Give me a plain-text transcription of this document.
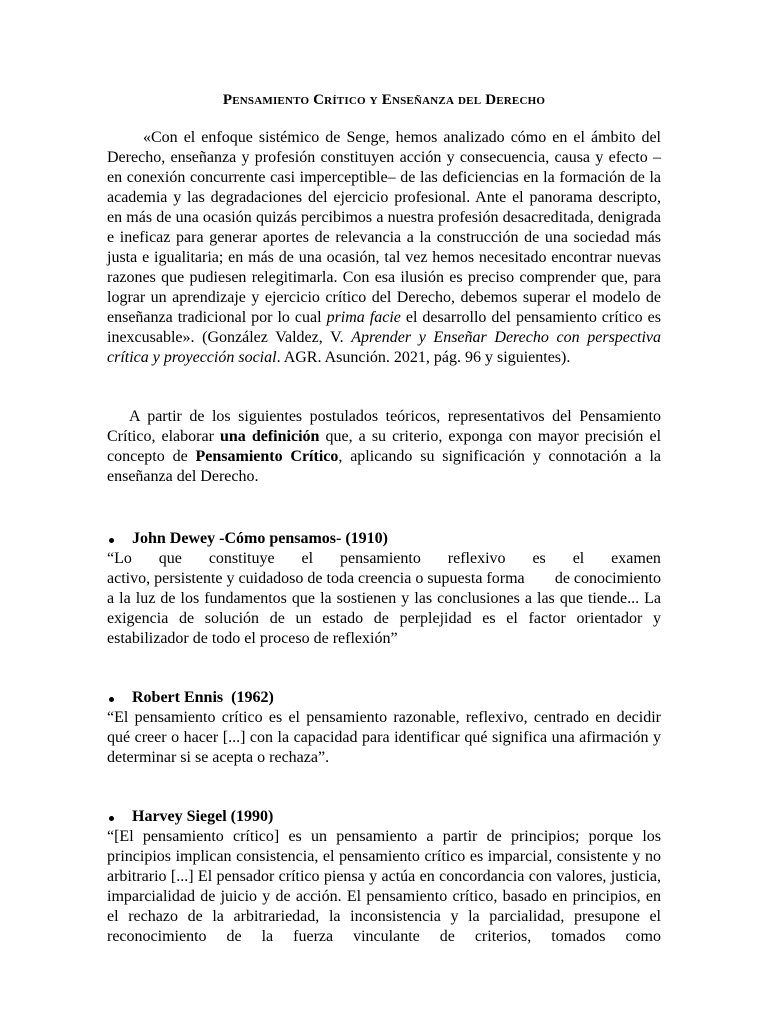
Pensamiento Crítico y Enseñanza del Derecho

«Con el enfoque sistémico de Senge, hemos analizado cómo en el ámbito del Derecho, enseñanza y profesión constituyen acción y consecuencia, causa y efecto – en conexión concurrente casi imperceptible– de las deficiencias en la formación de la academia y las degradaciones del ejercicio profesional. Ante el panorama descripto, en más de una ocasión quizás percibimos a nuestra profesión desacreditada, denigrada e ineficaz para generar aportes de relevancia a la construcción de una sociedad más justa e igualitaria; en más de una ocasión, tal vez hemos necesitado encontrar nuevas razones que pudiesen relegitimarla. Con esa ilusión es preciso comprender que, para lograr un aprendizaje y ejercicio crítico del Derecho, debemos superar el modelo de enseñanza tradicional por lo cual prima facie el desarrollo del pensamiento crítico es inexcusable». (González Valdez, V. Aprender y Enseñar Derecho con perspectiva crítica y proyección social. AGR. Asunción. 2021, pág. 96 y siguientes).

A partir de los siguientes postulados teóricos, representativos del Pensamiento Crítico, elaborar una definición que, a su criterio, exponga con mayor precisión el concepto de Pensamiento Crítico, aplicando su significación y connotación a la enseñanza del Derecho.

John Dewey -Cómo pensamos- (1910)
“Lo que constituye el pensamiento reflexivo es el examen
activo, persistente y cuidadoso de toda creencia o supuesta forma de conocimiento

a la luz de los fundamentos que la sostienen y las conclusiones a las que tiende... La exigencia de solución de un estado de perplejidad es el factor orientador y estabilizador de todo el proceso de reflexión”

Robert Ennis  (1962)

“El pensamiento crítico es el pensamiento razonable, reflexivo, centrado en decidir qué creer o hacer [...] con la capacidad para identificar qué significa una afirmación y determinar si se acepta o rechaza”.

Harvey Siegel (1990)

“[El pensamiento crítico] es un pensamiento a partir de principios; porque los principios implican consistencia, el pensamiento crítico es imparcial, consistente y no arbitrario [...] El pensador crítico piensa y actúa en concordancia con valores, justicia, imparcialidad de juicio y de acción. El pensamiento crítico, basado en principios, en el rechazo de la arbitrariedad, la inconsistencia y la parcialidad, presupone el reconocimiento de la fuerza vinculante de criterios, tomados como
